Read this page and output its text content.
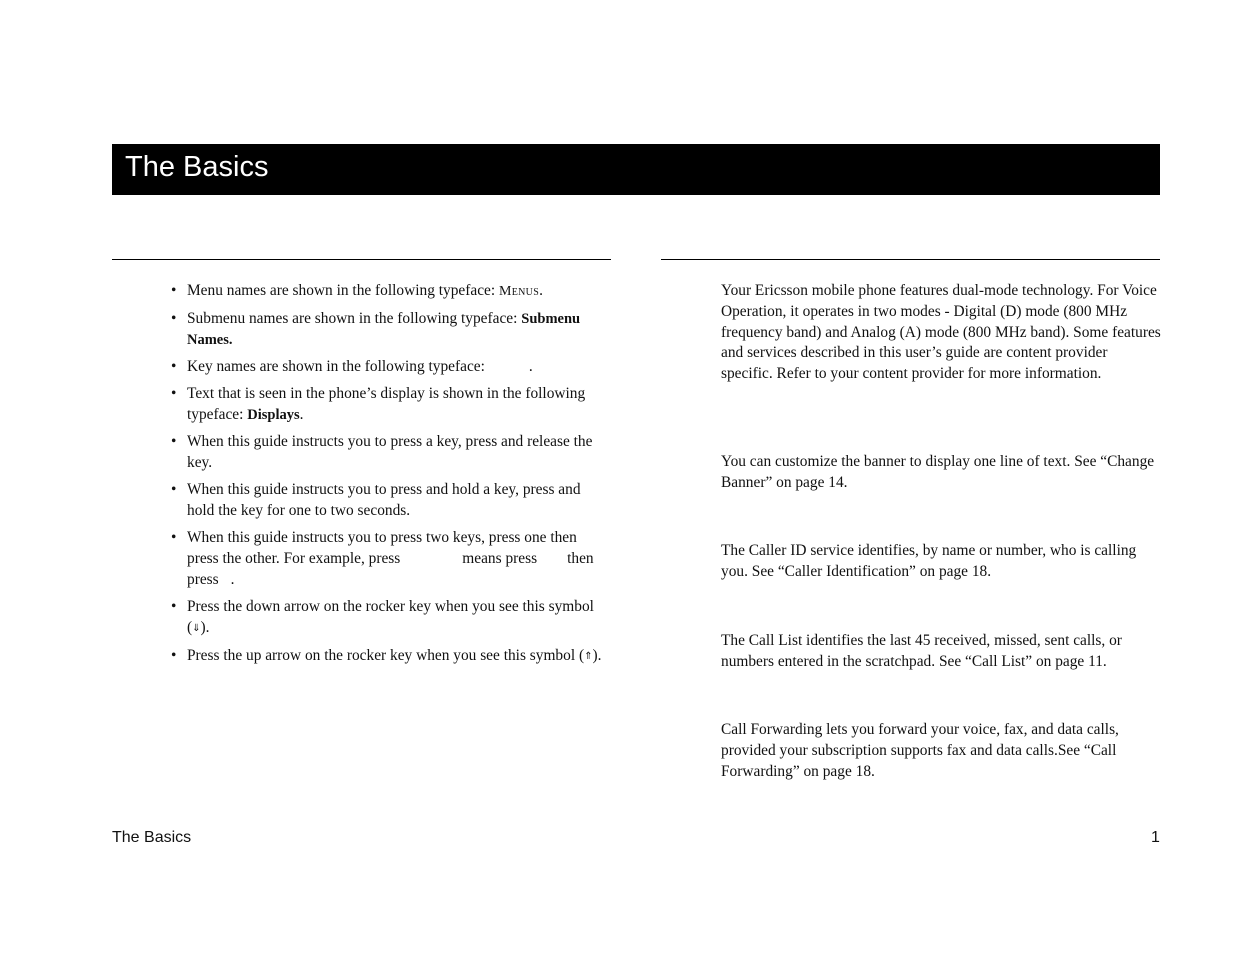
The Basics
• Menu names are shown in the following typeface: Menus.
• Submenu names are shown in the following typeface: Submenu Names.
• Key names are shown in the following typeface:	.
• Text that is seen in the phone’s display is shown in the following typeface: Displays.
• When this guide instructs you to press a key, press and release the key.
• When this guide instructs you to press and hold a key, press and hold the key for one to two seconds.
• When this guide instructs you to press two keys, press one then press the other. For example, press	means press then press .
• Press the down arrow on the rocker key when you see this symbol (⇓).
• Press the up arrow on the rocker key when you see this symbol (⇑).

Your Ericsson mobile phone features dual-mode technology. For Voice Operation, it operates in two modes - Digital (D) mode (800 MHz frequency band) and Analog (A) mode (800 MHz band). Some features and services described in this user’s guide are content provider specific. Refer to your content provider for more information.

You can customize the banner to display one line of text. See “Change Banner” on page 14.

The Caller ID service identifies, by name or number, who is calling you. See “Caller Identification” on page 18.

The Call List identifies the last 45 received, missed, sent calls, or numbers entered in the scratchpad. See “Call List” on page 11.

Call Forwarding lets you forward your voice, fax, and data calls, provided your subscription supports fax and data calls.See “Call Forwarding” on page 18.

The Basics	1
